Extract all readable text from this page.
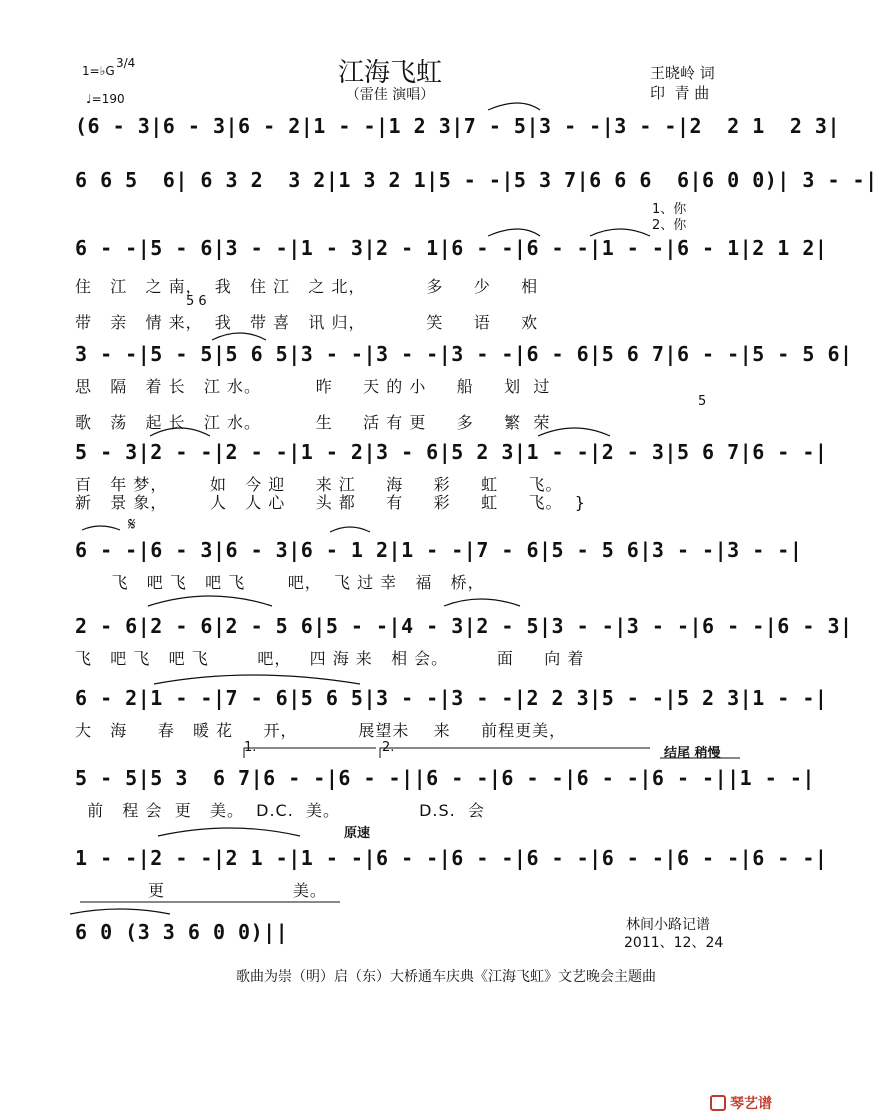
1=♭G
3/4
♩=190
江海飞虹
（雷佳 演唱）
王晓岭 词
印  青 曲
(6 - 3|6 - 3|6 - 2|1 - -|1 2 3|7 - 5|3 - -|3 - -|2  2 1  2 3|
6 6 5  6| 6 3 2  3 2|1 3 2 1|5 - -|5 3 7|6 6 6  6|6 0 0)| 3 - -|
1、你
2、你
6 - -|5 - 6|3 - -|1 - 3|2 - 1|6 - -|6 - -|1 - -|6 - 1|2 1 2|
住   江   之 南，  我   住 江   之 北，          多     少     相
5 6
带   亲   情 来，  我   带 喜   讯 归，          笑     语     欢
3 - -|5 - 5|5 6 5|3 - -|3 - -|3 - -|6 - 6|5 6 7|6 - -|5 - 5 6|
思   隔   着 长   江 水。         昨     天 的 小     船     划  过
5
歌   荡   起 长   江 水。         生     活 有 更     多     繁  荣
5 - 3|2 - -|2 - -|1 - 2|3 - 6|5 2 3|1 - -|2 - 3|5 6 7|6 - -|
百   年 梦，       如   今 迎     来 江     海     彩     虹     飞。
新   景 象，       人   人 心     头 都     有     彩     虹     飞。  }
𝄋
6 - -|6 - 3|6 - 3|6 - 1 2|1 - -|7 - 6|5 - 5 6|3 - -|3 - -|
飞   吧 飞   吧 飞       吧，  飞 过 幸   福   桥，
2 - 6|2 - 6|2 - 5 6|5 - -|4 - 3|2 - 5|3 - -|3 - -|6 - -|6 - 3|
飞   吧 飞   吧 飞        吧，   四 海 来   相 会。        面     向 着
6 - 2|1 - -|7 - 6|5 6 5|3 - -|3 - -|2 2 3|5 - -|5 2 3|1 - -|
大   海     春   暖 花     开，          展望未    来     前程更美，
1.	2.	结尾 稍慢
5 - 5|5 3  6 7|6 - -|6 - -||6 - -|6 - -|6 - -|6 - -||1 - -|
前   程 会  更   美。  D.C.  美。             D.S.  会
原速
1 - -|2 - -|2 1 -|1 - -|6 - -|6 - -|6 - -|6 - -|6 - -|6 - -|
更                     美。
6 0 (3 3 6 0 0)||	林间小路记谱
2011、12、24
歌曲为崇（明）启（东）大桥通车庆典《江海飞虹》文艺晚会主题曲
琴艺谱
